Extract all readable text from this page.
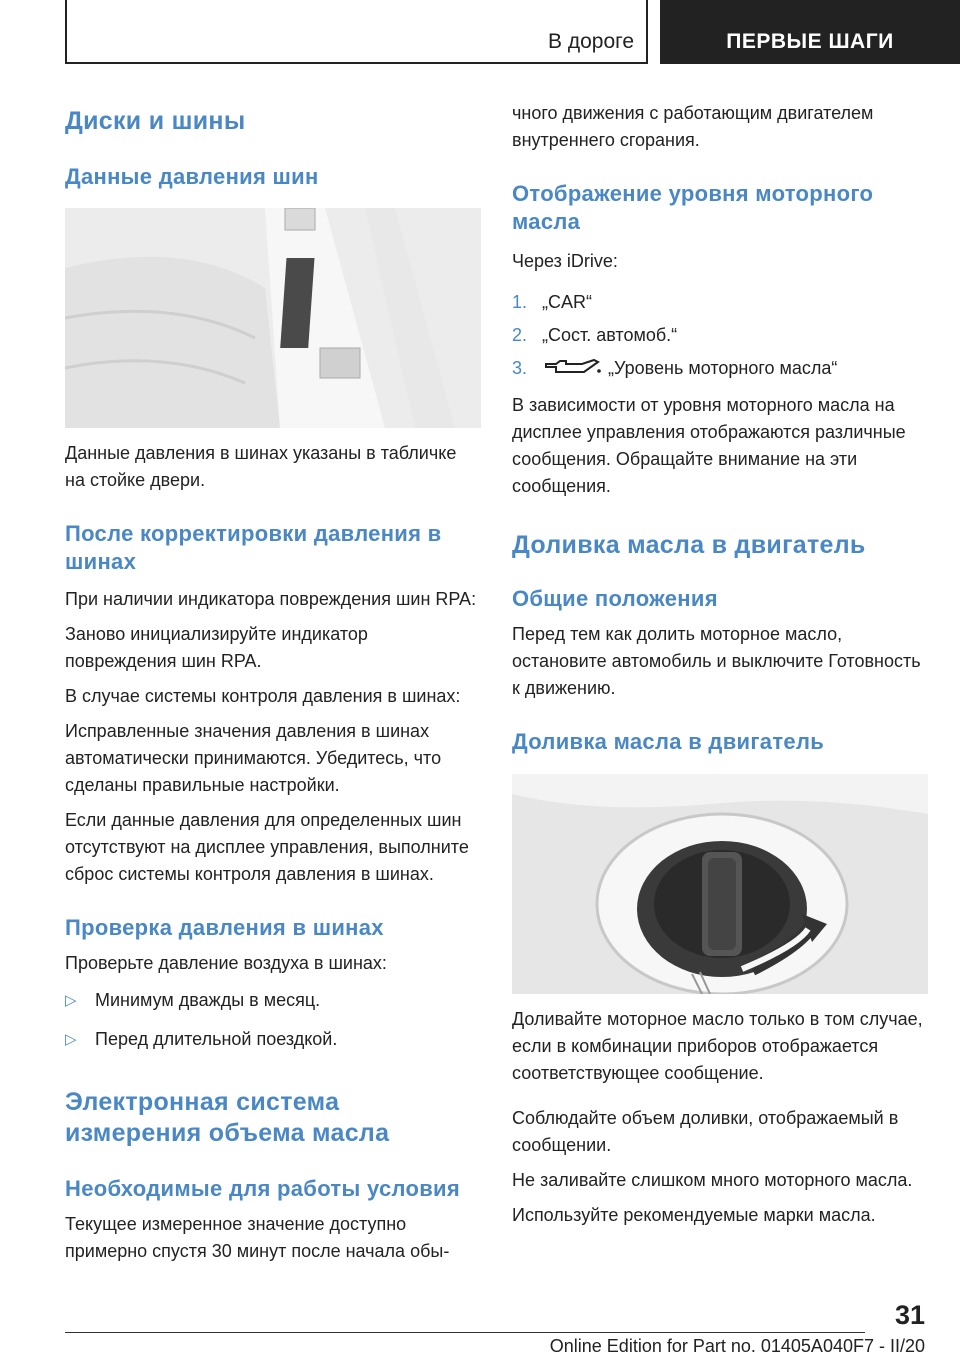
В дороге	ПЕРВЫЕ ШАГИ
Диски и шины
Данные давления шин

Данные давления в шинах указаны в табличке на стойке двери.

После корректировки давления в шинах

При наличии индикатора повреждения шин RPA:

Заново инициализируйте индикатор повреждения шин RPA.

В случае системы контроля давления в шинах:

Исправленные значения давления в шинах автоматически принимаются. Убедитесь, что сделаны правильные настройки.

Если данные давления для определенных шин отсутствуют на дисплее управления, выполните сброс системы контроля давления в шинах.

Проверка давления в шинах

Проверьте давление воздуха в шинах:

▷ Минимум дважды в месяц.
▷ Перед длительной поездкой.
Электронная система измерения объема масла
Необходимые для работы условия

Текущее измеренное значение доступно примерно спустя 30 минут после начала обы-

чного движения с работающим двигателем внутреннего сгорания.

Отображение уровня моторного масла

Через iDrive:

1. „CAR“
2. „Сост. автомоб.“
3.	„Уровень моторного масла“

В зависимости от уровня моторного масла на дисплее управления отображаются различные сообщения. Обращайте внимание на эти сообщения.

Доливка масла в двигатель
Общие положения

Перед тем как долить моторное масло, остановите автомобиль и выключите Готовность к движению.

Доливка масла в двигатель

Доливайте моторное масло только в том случае, если в комбинации приборов отображается соответствующее сообщение.

Соблюдайте объем доливки, отображаемый в сообщении.

Не заливайте слишком много моторного масла.

Используйте рекомендуемые марки масла.

31
Online Edition for Part no. 01405A040F7 - II/20
